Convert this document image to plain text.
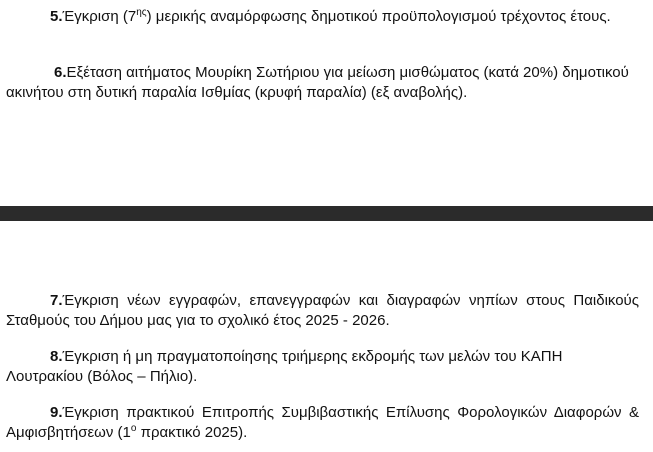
5.Έγκριση $(7^{\eta\varsigma})$ μερικής αναμόρφωσης δημοτικού προϋπολογισμού τρέχοντος έτους.

6.Εξέταση αιτήματος Μουρίκη Σωτήριου για μείωση μισθώματος (κατά 20%) δημοτικού ακινήτου στη δυτική παραλία Ισθμίας (κρυφή παραλία) (εξ αναβολής).

7.Έγκριση νέων εγγραφών, επανεγγραφών και διαγραφών νηπίων στους Παιδικούς Σταθμούς του Δήμου μας για το σχολικό έτος 2025 - 2026.

8.Έγκριση ή μη πραγματοποίησης τριήμερης εκδρομής των μελών του ΚΑΠΗ Λουτρακίου (Βόλος – Πήλιο).

9.Έγκριση πρακτικού Επιτροπής Συμβιβαστικής Επίλυσης Φορολογικών Διαφορών & Αμφισβητήσεων ($1^o$ πρακτικό 2025).
